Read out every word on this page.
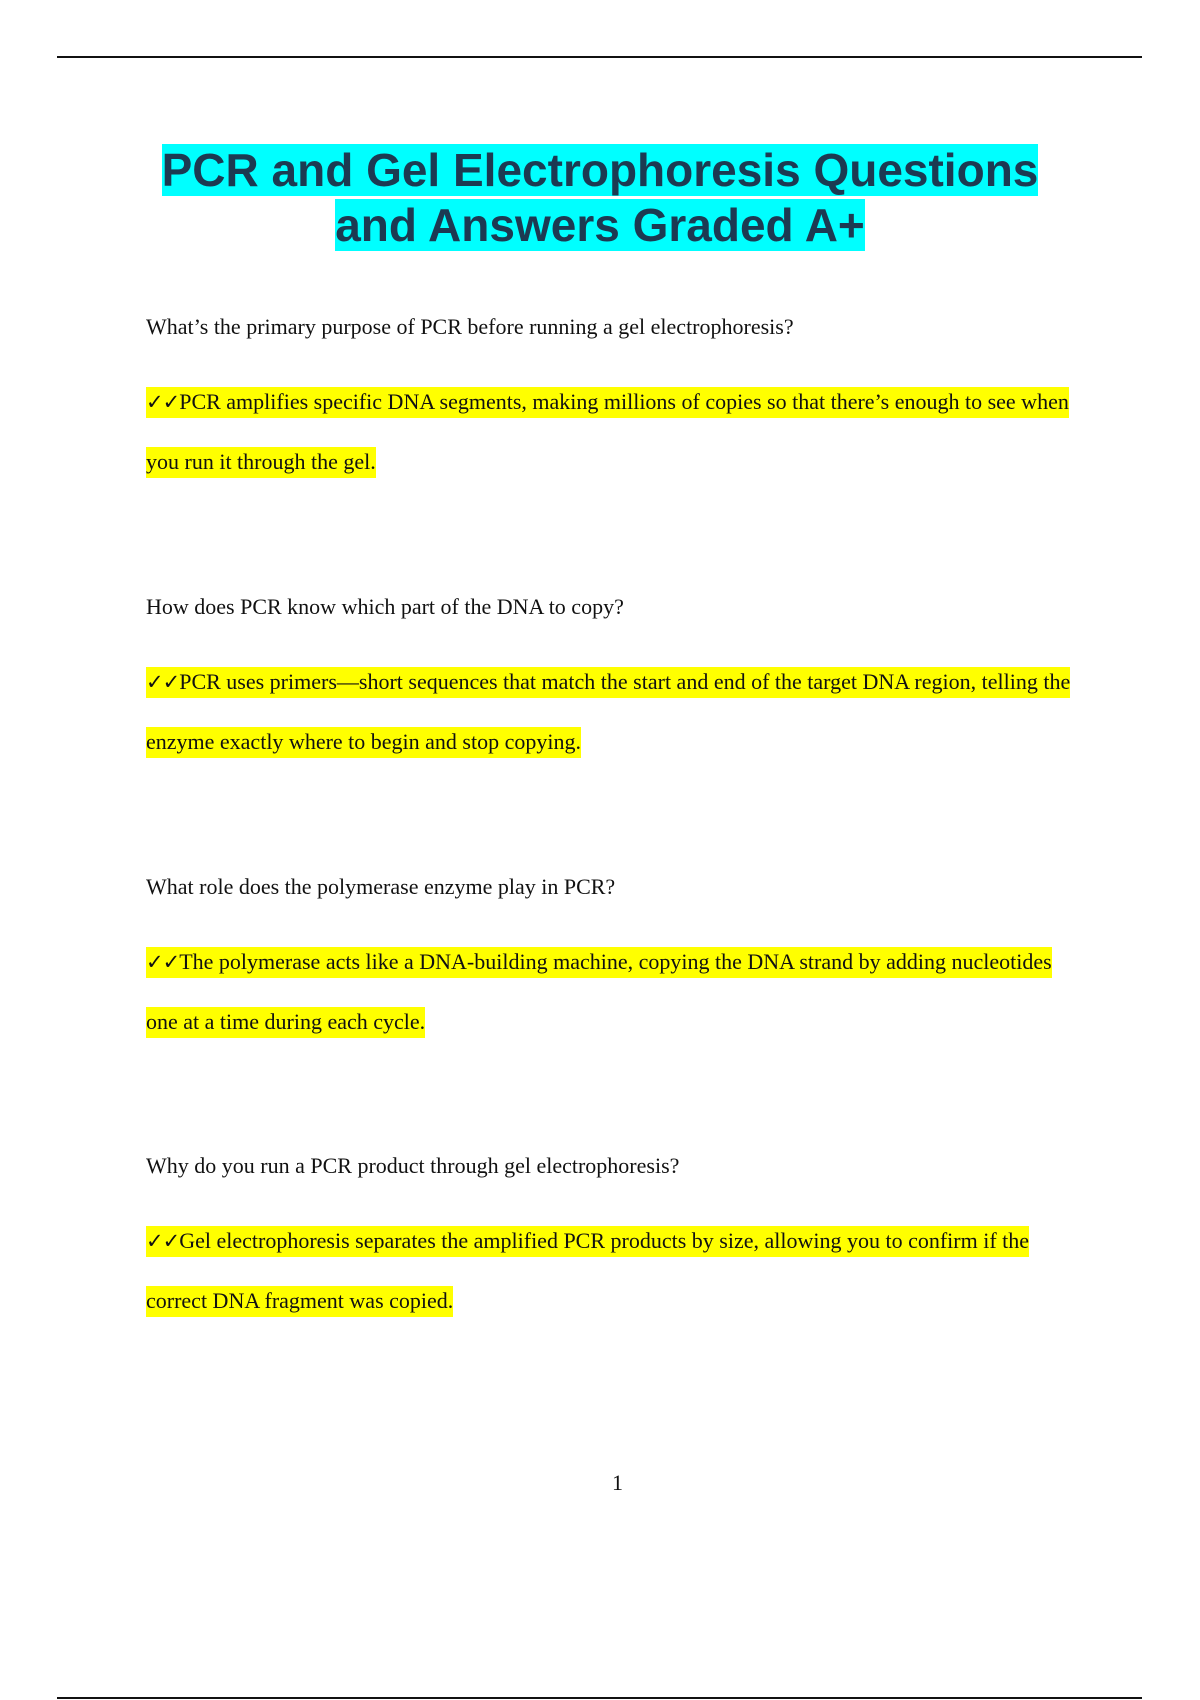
PCR and Gel Electrophoresis Questions
and Answers Graded A+
What’s the primary purpose of PCR before running a gel electrophoresis?
✓✓PCR amplifies specific DNA segments, making millions of copies so that there’s enough to see when you run it through the gel.
How does PCR know which part of the DNA to copy?
✓✓PCR uses primers—short sequences that match the start and end of the target DNA region, telling the enzyme exactly where to begin and stop copying.
What role does the polymerase enzyme play in PCR?
✓✓The polymerase acts like a DNA-building machine, copying the DNA strand by adding nucleotides one at a time during each cycle.
Why do you run a PCR product through gel electrophoresis?
✓✓Gel electrophoresis separates the amplified PCR products by size, allowing you to confirm if the correct DNA fragment was copied.
1
